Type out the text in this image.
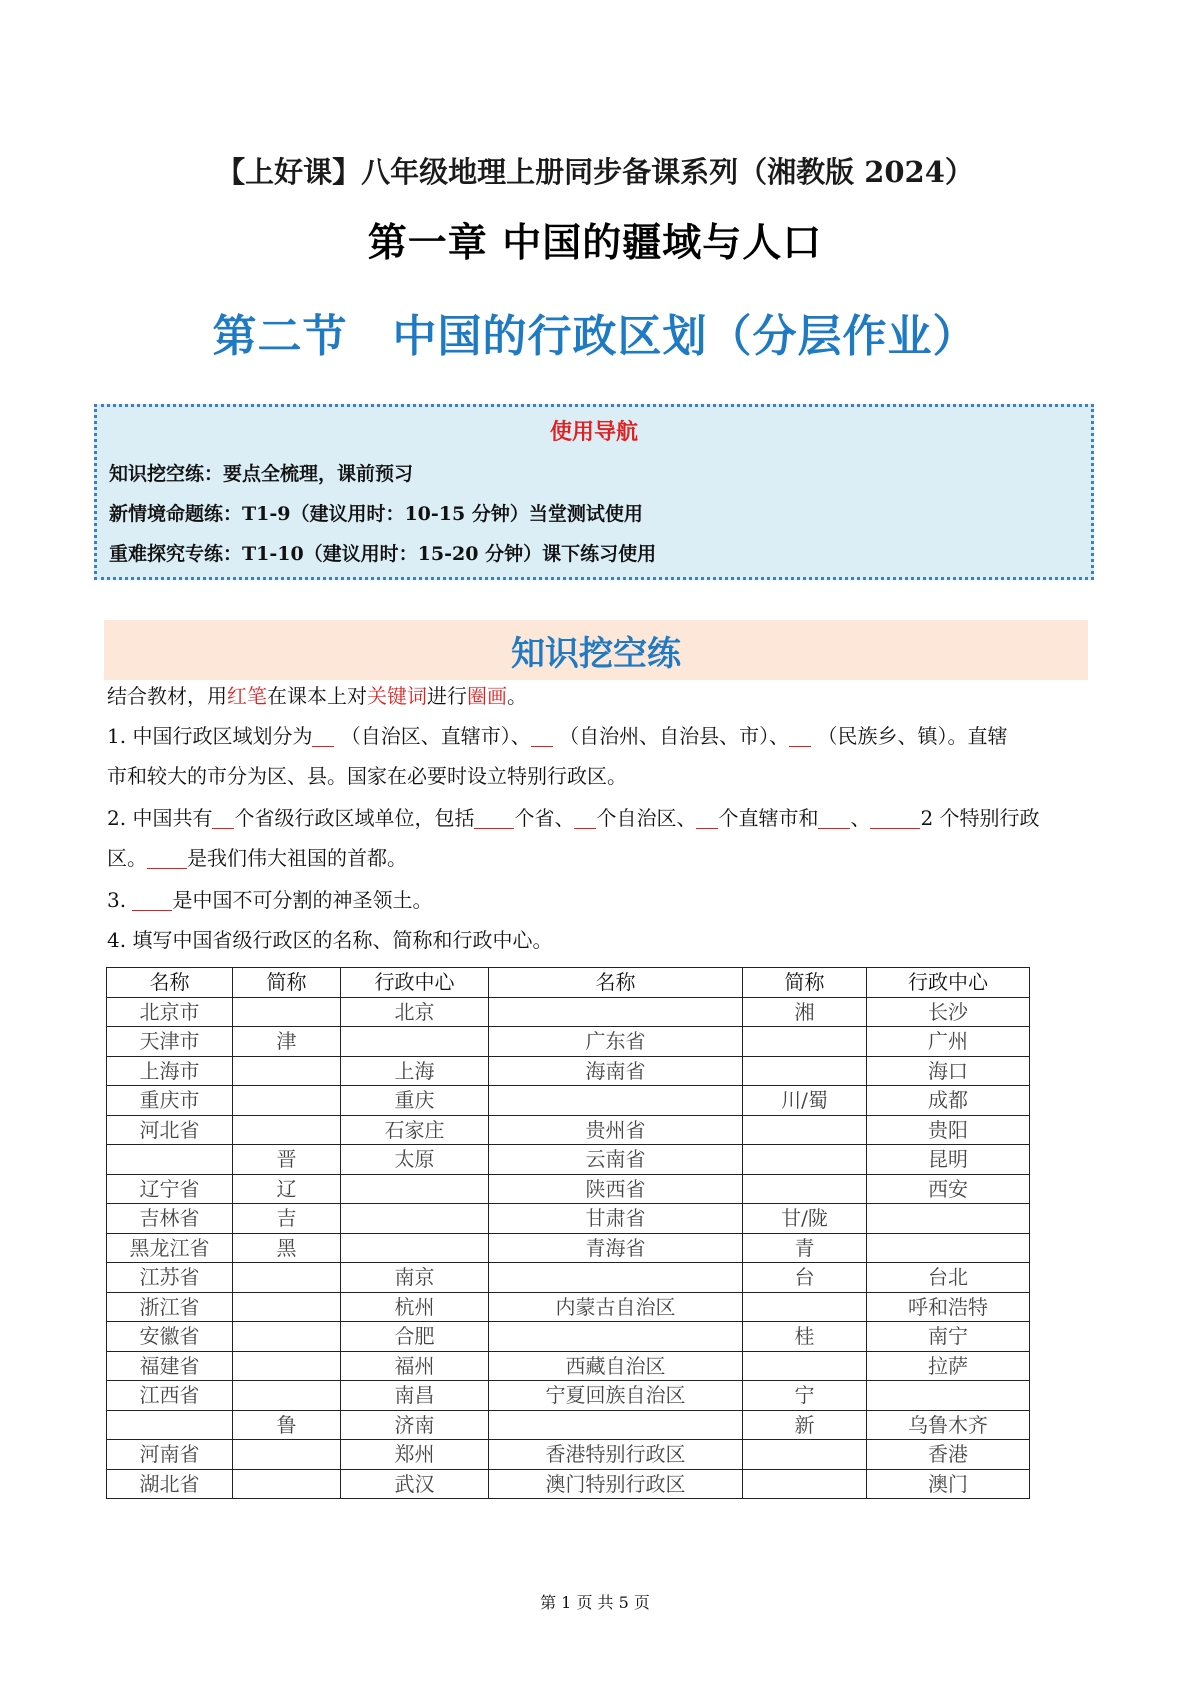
【上好课】八年级地理上册同步备课系列（湘教版 2024）
第一章 中国的疆域与人口
第二节　中国的行政区划（分层作业）
使用导航
知识挖空练：要点全梳理，课前预习
新情境命题练：T1-9（建议用时：10-15 分钟）当堂测试使用
重难探究专练：T1-10（建议用时：15-20 分钟）课下练习使用
知识挖空练
结合教材，用红笔在课本上对关键词进行圈画。
1. 中国行政区域划分为 （自治区、直辖市）、 （自治州、自治县、市）、 （民族乡、镇）。直辖
市和较大的市分为区、县。国家在必要时设立特别行政区。
2. 中国共有 个省级行政区域单位，包括 个省、 个自治区、 个直辖市和 、	2 个特别行政
区。 是我们伟大祖国的首都。
3. 是中国不可分割的神圣领土。
4. 填写中国省级行政区的名称、简称和行政中心。
名称	简称	行政中心	名称	简称	行政中心
北京市		北京		湘	长沙
天津市	津		广东省		广州
上海市		上海	海南省		海口
重庆市		重庆		川/蜀	成都
河北省		石家庄	贵州省		贵阳
	晋	太原	云南省		昆明
辽宁省	辽		陕西省		西安
吉林省	吉		甘肃省	甘/陇	
黑龙江省	黑		青海省	青	
江苏省		南京		台	台北
浙江省		杭州	内蒙古自治区		呼和浩特
安徽省		合肥		桂	南宁
福建省		福州	西藏自治区		拉萨
江西省		南昌	宁夏回族自治区	宁	
	鲁	济南		新	乌鲁木齐
河南省		郑州	香港特别行政区		香港
湖北省		武汉	澳门特别行政区		澳门
第 1 页 共 5 页
